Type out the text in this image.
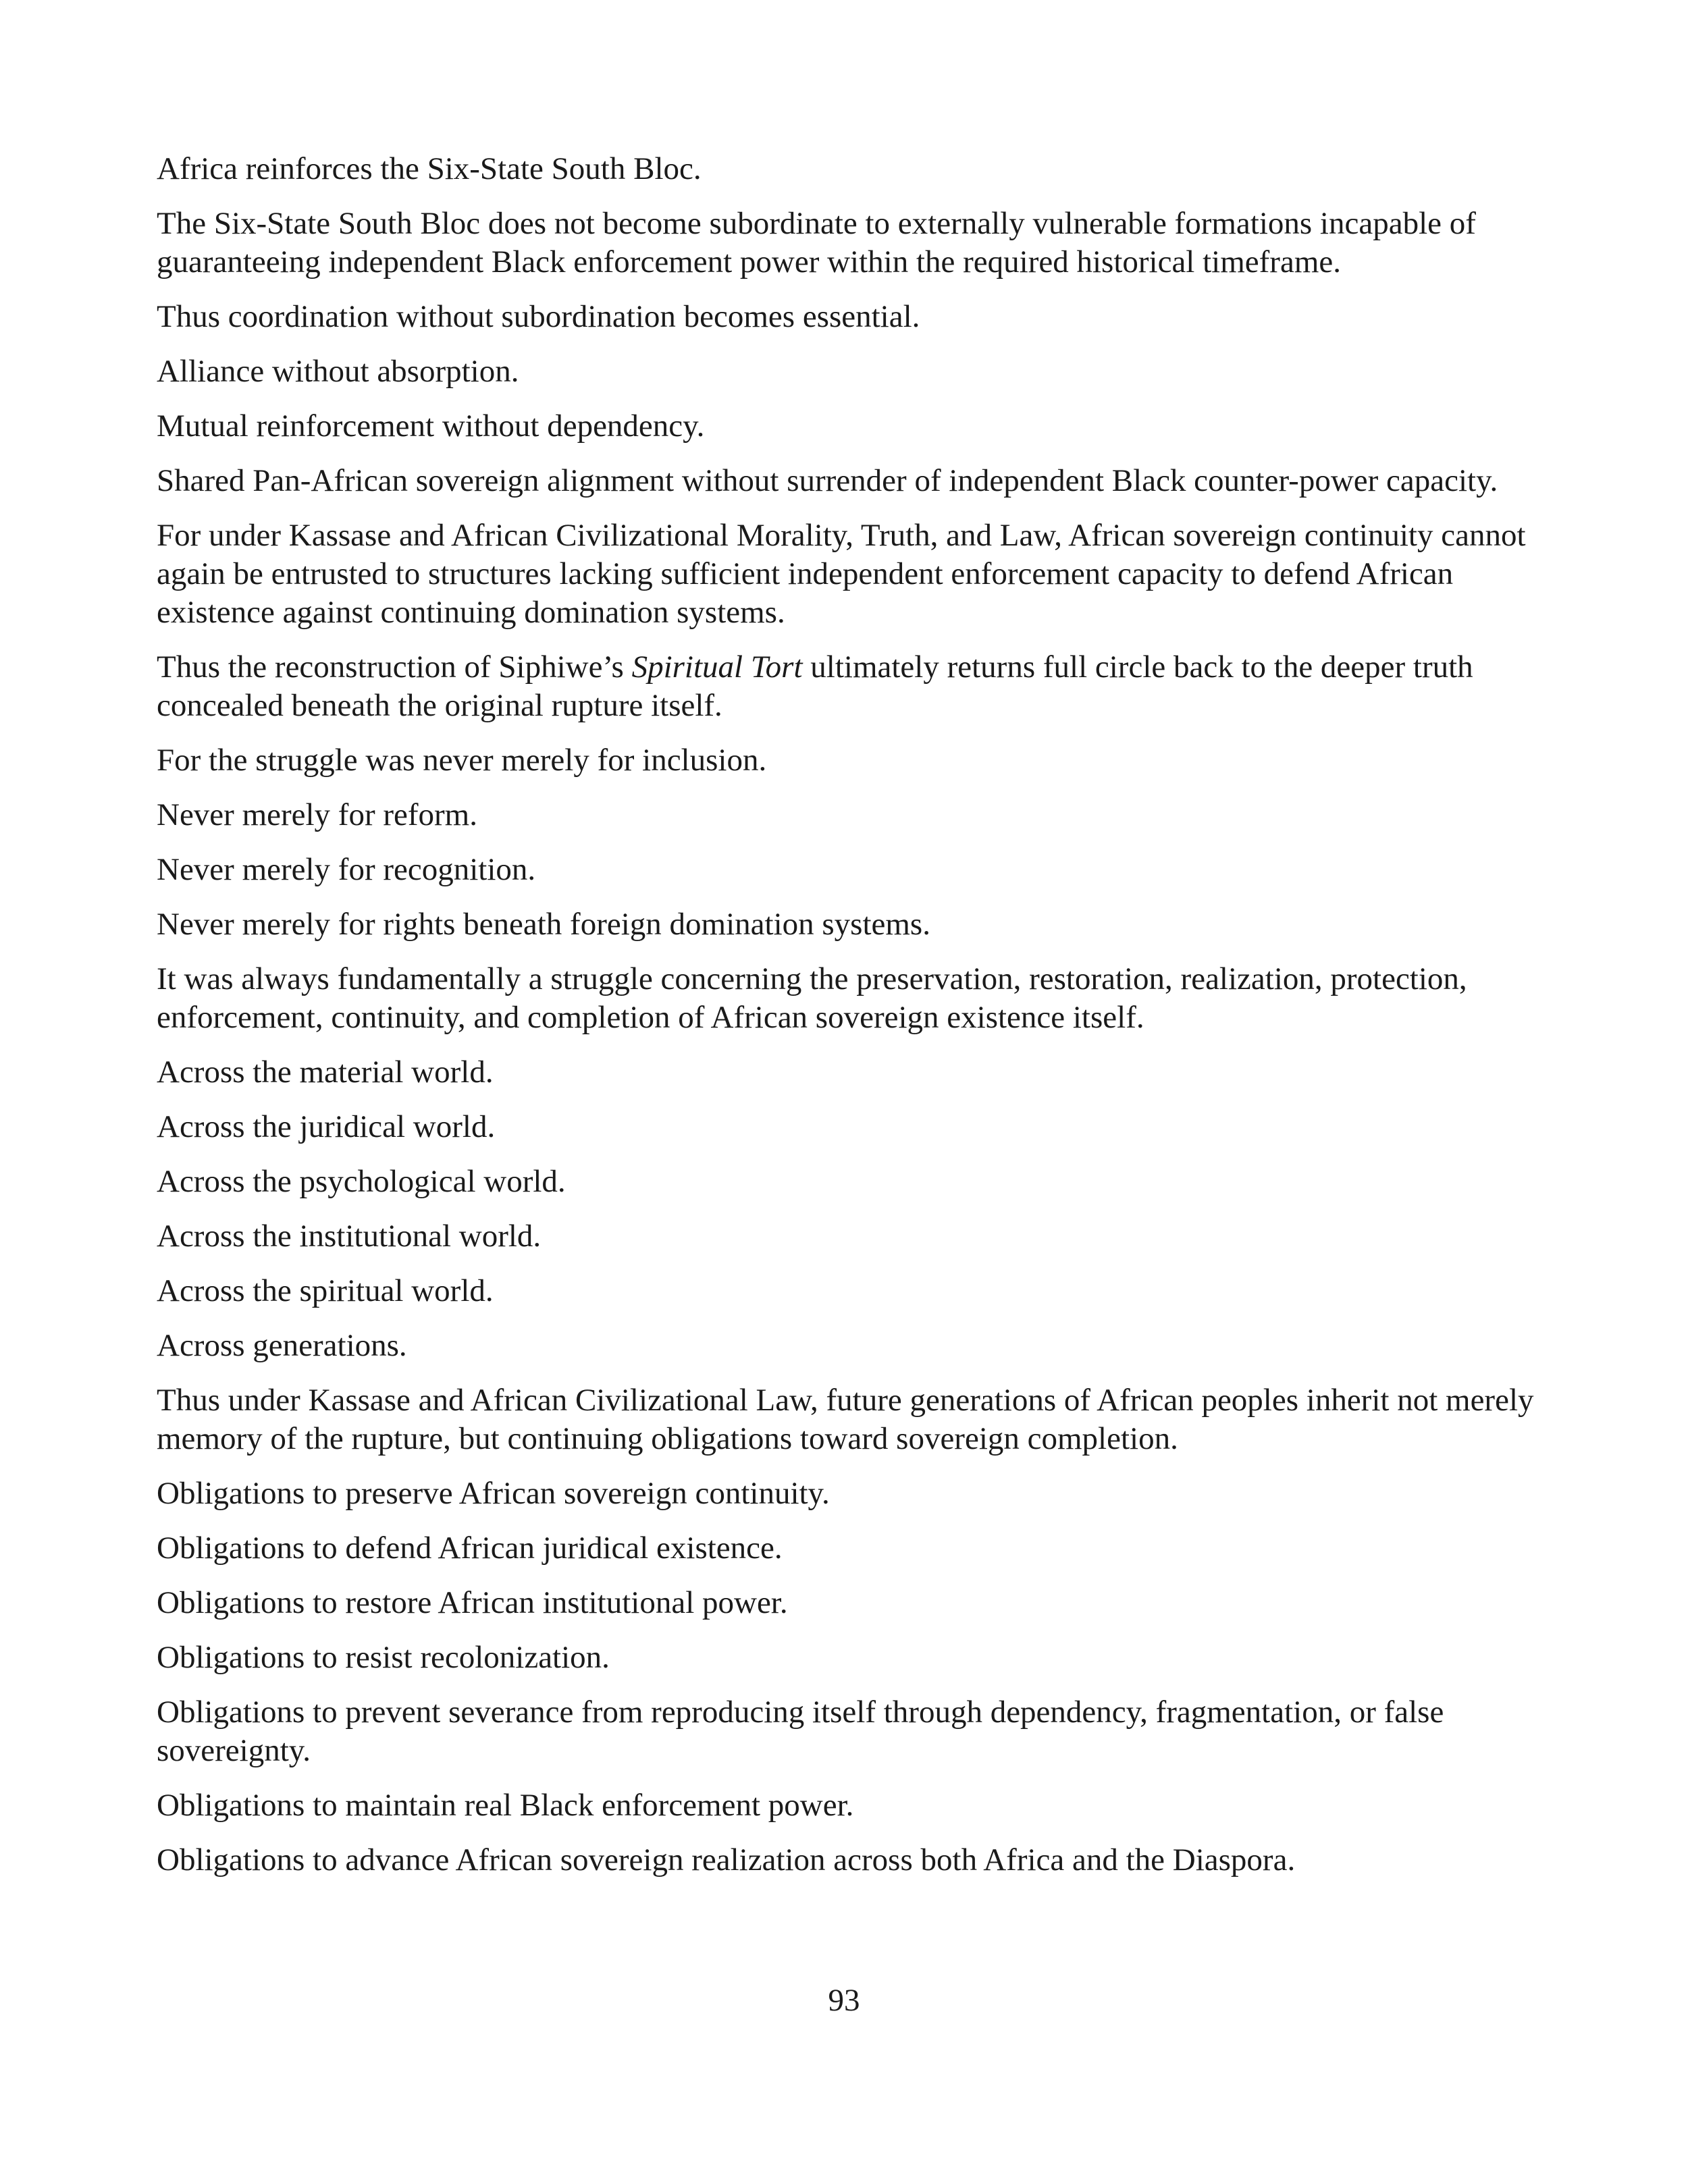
Africa reinforces the Six-State South Bloc.

The Six-State South Bloc does not become subordinate to externally vulnerable formations incapable of guaranteeing independent Black enforcement power within the required historical timeframe.

Thus coordination without subordination becomes essential.

Alliance without absorption.

Mutual reinforcement without dependency.

Shared Pan-African sovereign alignment without surrender of independent Black counter-power capacity.

For under Kassase and African Civilizational Morality, Truth, and Law, African sovereign continuity cannot again be entrusted to structures lacking sufficient independent enforcement capacity to defend African existence against continuing domination systems.

Thus the reconstruction of Siphiwe’s Spiritual Tort ultimately returns full circle back to the deeper truth concealed beneath the original rupture itself.

For the struggle was never merely for inclusion.

Never merely for reform.

Never merely for recognition.

Never merely for rights beneath foreign domination systems.

It was always fundamentally a struggle concerning the preservation, restoration, realization, protection, enforcement, continuity, and completion of African sovereign existence itself.

Across the material world.

Across the juridical world.

Across the psychological world.

Across the institutional world.

Across the spiritual world.

Across generations.

Thus under Kassase and African Civilizational Law, future generations of African peoples inherit not merely memory of the rupture, but continuing obligations toward sovereign completion.

Obligations to preserve African sovereign continuity.

Obligations to defend African juridical existence.

Obligations to restore African institutional power.

Obligations to resist recolonization.

Obligations to prevent severance from reproducing itself through dependency, fragmentation, or false sovereignty.

Obligations to maintain real Black enforcement power.

Obligations to advance African sovereign realization across both Africa and the Diaspora.

93
